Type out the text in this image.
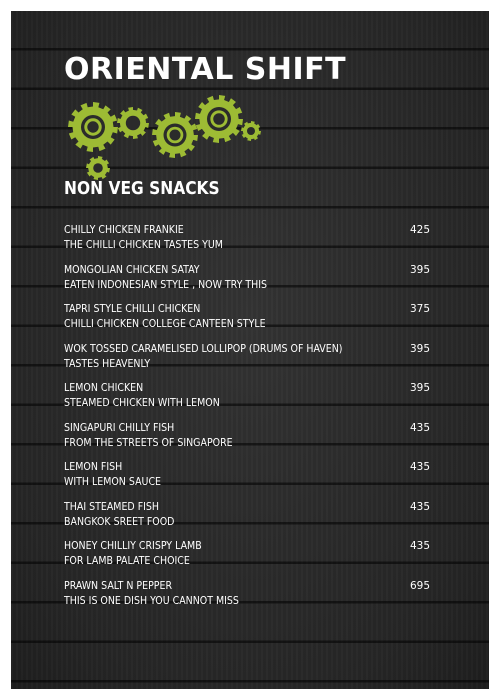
ORIENTAL SHIFT
NON VEG SNACKS
CHILLY CHICKEN FRANKIE
THE CHILLI CHICKEN TASTES YUM
425
MONGOLIAN CHICKEN SATAY
EATEN INDONESIAN STYLE , NOW TRY THIS
395
TAPRI STYLE CHILLI CHICKEN
CHILLI CHICKEN COLLEGE CANTEEN STYLE
375
WOK TOSSED CARAMELISED LOLLIPOP (DRUMS OF HAVEN)
TASTES HEAVENLY
395
LEMON CHICKEN
STEAMED CHICKEN WITH LEMON
395
SINGAPURI CHILLY FISH
FROM THE STREETS OF SINGAPORE
435
LEMON FISH
WITH LEMON SAUCE
435
THAI STEAMED FISH
BANGKOK SREET FOOD
435
HONEY CHILLIY CRISPY LAMB
FOR LAMB PALATE CHOICE
435
PRAWN SALT N PEPPER
THIS IS ONE DISH YOU CANNOT MISS
695
